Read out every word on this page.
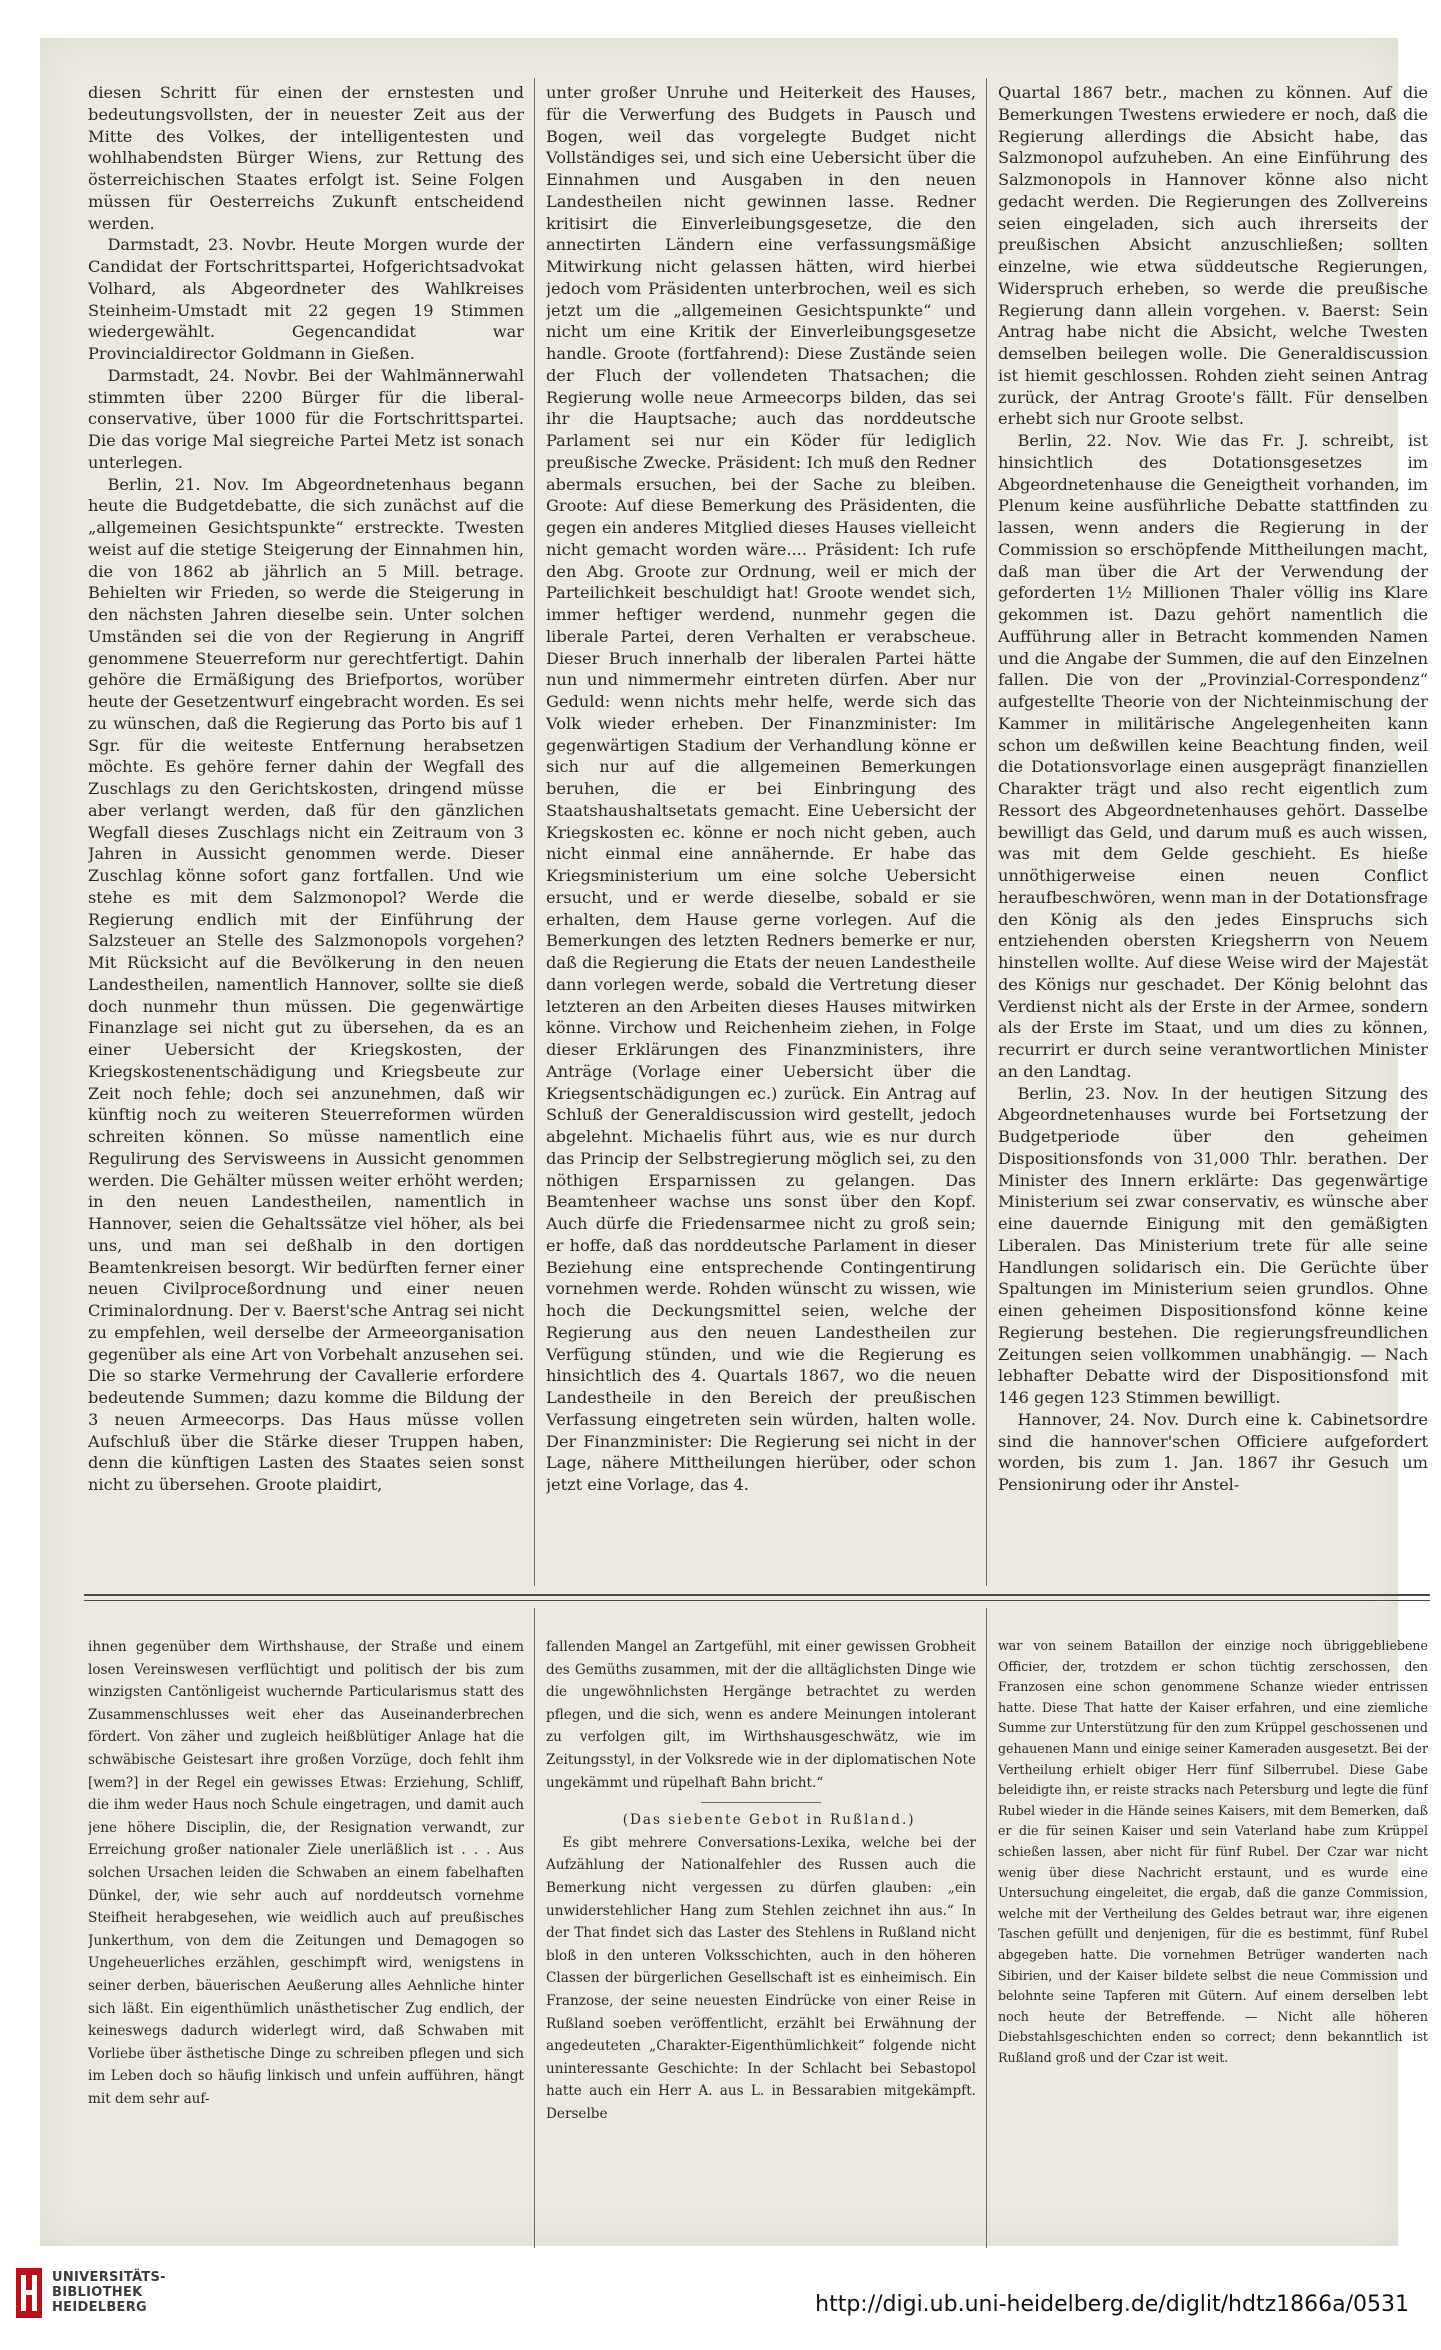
diesen Schritt für einen der ernstesten und bedeutungsvollsten, der in neuester Zeit aus der Mitte des Volkes, der intelligentesten und wohlhabendsten Bürger Wiens, zur Rettung des österreichischen Staates erfolgt ist. Seine Folgen müssen für Oesterreichs Zukunft entscheidend werden.

Darmstadt, 23. Novbr. Heute Morgen wurde der Candidat der Fortschrittspartei, Hofgerichtsadvokat Volhard, als Abgeordneter des Wahlkreises Steinheim-Umstadt mit 22 gegen 19 Stimmen wiedergewählt. Gegencandidat war Provincialdirector Goldmann in Gießen.

Darmstadt, 24. Novbr. Bei der Wahlmännerwahl stimmten über 2200 Bürger für die liberal-conservative, über 1000 für die Fortschrittspartei. Die das vorige Mal siegreiche Partei Metz ist sonach unterlegen.

Berlin, 21. Nov. Im Abgeordnetenhaus begann heute die Budgetdebatte, die sich zunächst auf die „allgemeinen Gesichtspunkte“ erstreckte. Twesten weist auf die stetige Steigerung der Einnahmen hin, die von 1862 ab jährlich an 5 Mill. betrage. Behielten wir Frieden, so werde die Steigerung in den nächsten Jahren dieselbe sein. Unter solchen Umständen sei die von der Regierung in Angriff genommene Steuerreform nur gerechtfertigt. Dahin gehöre die Ermäßigung des Briefportos, worüber heute der Gesetzentwurf eingebracht worden. Es sei zu wünschen, daß die Regierung das Porto bis auf 1 Sgr. für die weiteste Entfernung herabsetzen möchte. Es gehöre ferner dahin der Wegfall des Zuschlags zu den Gerichtskosten, dringend müsse aber verlangt werden, daß für den gänzlichen Wegfall dieses Zuschlags nicht ein Zeitraum von 3 Jahren in Aussicht genommen werde. Dieser Zuschlag könne sofort ganz fortfallen. Und wie stehe es mit dem Salzmonopol? Werde die Regierung endlich mit der Einführung der Salzsteuer an Stelle des Salzmonopols vorgehen? Mit Rücksicht auf die Bevölkerung in den neuen Landestheilen, namentlich Hannover, sollte sie dieß doch nunmehr thun müssen. Die gegenwärtige Finanzlage sei nicht gut zu übersehen, da es an einer Uebersicht der Kriegskosten, der Kriegskostenentschädigung und Kriegsbeute zur Zeit noch fehle; doch sei anzunehmen, daß wir künftig noch zu weiteren Steuerreformen würden schreiten können. So müsse namentlich eine Regulirung des Servisweens in Aussicht genommen werden. Die Gehälter müssen weiter erhöht werden; in den neuen Landestheilen, namentlich in Hannover, seien die Gehaltssätze viel höher, als bei uns, und man sei deßhalb in den dortigen Beamtenkreisen besorgt. Wir bedürften ferner einer neuen Civilproceßordnung und einer neuen Criminalordnung. Der v. Baerst'sche Antrag sei nicht zu empfehlen, weil derselbe der Armeeorganisation gegenüber als eine Art von Vorbehalt anzusehen sei. Die so starke Vermehrung der Cavallerie erfordere bedeutende Summen; dazu komme die Bildung der 3 neuen Armeecorps. Das Haus müsse vollen Aufschluß über die Stärke dieser Truppen haben, denn die künftigen Lasten des Staates seien sonst nicht zu übersehen. Groote plaidirt,

unter großer Unruhe und Heiterkeit des Hauses, für die Verwerfung des Budgets in Pausch und Bogen, weil das vorgelegte Budget nicht Vollständiges sei, und sich eine Uebersicht über die Einnahmen und Ausgaben in den neuen Landestheilen nicht gewinnen lasse. Redner kritisirt die Einverleibungsgesetze, die den annectirten Ländern eine verfassungsmäßige Mitwirkung nicht gelassen hätten, wird hierbei jedoch vom Präsidenten unterbrochen, weil es sich jetzt um die „allgemeinen Gesichtspunkte“ und nicht um eine Kritik der Einverleibungsgesetze handle. Groote (fortfahrend): Diese Zustände seien der Fluch der vollendeten Thatsachen; die Regierung wolle neue Armeecorps bilden, das sei ihr die Hauptsache; auch das norddeutsche Parlament sei nur ein Köder für lediglich preußische Zwecke. Präsident: Ich muß den Redner abermals ersuchen, bei der Sache zu bleiben. Groote: Auf diese Bemerkung des Präsidenten, die gegen ein anderes Mitglied dieses Hauses vielleicht nicht gemacht worden wäre.... Präsident: Ich rufe den Abg. Groote zur Ordnung, weil er mich der Parteilichkeit beschuldigt hat! Groote wendet sich, immer heftiger werdend, nunmehr gegen die liberale Partei, deren Verhalten er verabscheue. Dieser Bruch innerhalb der liberalen Partei hätte nun und nimmermehr eintreten dürfen. Aber nur Geduld: wenn nichts mehr helfe, werde sich das Volk wieder erheben. Der Finanzminister: Im gegenwärtigen Stadium der Verhandlung könne er sich nur auf die allgemeinen Bemerkungen beruhen, die er bei Einbringung des Staatshaushaltsetats gemacht. Eine Uebersicht der Kriegskosten ec. könne er noch nicht geben, auch nicht einmal eine annähernde. Er habe das Kriegsministerium um eine solche Uebersicht ersucht, und er werde dieselbe, sobald er sie erhalten, dem Hause gerne vorlegen. Auf die Bemerkungen des letzten Redners bemerke er nur, daß die Regierung die Etats der neuen Landestheile dann vorlegen werde, sobald die Vertretung dieser letzteren an den Arbeiten dieses Hauses mitwirken könne. Virchow und Reichenheim ziehen, in Folge dieser Erklärungen des Finanzministers, ihre Anträge (Vorlage einer Uebersicht über die Kriegsentschädigungen ec.) zurück. Ein Antrag auf Schluß der Generaldiscussion wird gestellt, jedoch abgelehnt. Michaelis führt aus, wie es nur durch das Princip der Selbstregierung möglich sei, zu den nöthigen Ersparnissen zu gelangen. Das Beamtenheer wachse uns sonst über den Kopf. Auch dürfe die Friedensarmee nicht zu groß sein; er hoffe, daß das norddeutsche Parlament in dieser Beziehung eine entsprechende Contingentirung vornehmen werde. Rohden wünscht zu wissen, wie hoch die Deckungsmittel seien, welche der Regierung aus den neuen Landestheilen zur Verfügung stünden, und wie die Regierung es hinsichtlich des 4. Quartals 1867, wo die neuen Landestheile in den Bereich der preußischen Verfassung eingetreten sein würden, halten wolle. Der Finanzminister: Die Regierung sei nicht in der Lage, nähere Mittheilungen hierüber, oder schon jetzt eine Vorlage, das 4.

Quartal 1867 betr., machen zu können. Auf die Bemerkungen Twestens erwiedere er noch, daß die Regierung allerdings die Absicht habe, das Salzmonopol aufzuheben. An eine Einführung des Salzmonopols in Hannover könne also nicht gedacht werden. Die Regierungen des Zollvereins seien eingeladen, sich auch ihrerseits der preußischen Absicht anzuschließen; sollten einzelne, wie etwa süddeutsche Regierungen, Widerspruch erheben, so werde die preußische Regierung dann allein vorgehen. v. Baerst: Sein Antrag habe nicht die Absicht, welche Twesten demselben beilegen wolle. Die Generaldiscussion ist hiemit geschlossen. Rohden zieht seinen Antrag zurück, der Antrag Groote's fällt. Für denselben erhebt sich nur Groote selbst.

Berlin, 22. Nov. Wie das Fr. J. schreibt, ist hinsichtlich des Dotationsgesetzes im Abgeordnetenhause die Geneigtheit vorhanden, im Plenum keine ausführliche Debatte stattfinden zu lassen, wenn anders die Regierung in der Commission so erschöpfende Mittheilungen macht, daß man über die Art der Verwendung der geforderten 1½ Millionen Thaler völlig ins Klare gekommen ist. Dazu gehört namentlich die Aufführung aller in Betracht kommenden Namen und die Angabe der Summen, die auf den Einzelnen fallen. Die von der „Provinzial-Correspondenz“ aufgestellte Theorie von der Nichteinmischung der Kammer in militärische Angelegenheiten kann schon um deßwillen keine Beachtung finden, weil die Dotationsvorlage einen ausgeprägt finanziellen Charakter trägt und also recht eigentlich zum Ressort des Abgeordnetenhauses gehört. Dasselbe bewilligt das Geld, und darum muß es auch wissen, was mit dem Gelde geschieht. Es hieße unnöthigerweise einen neuen Conflict heraufbeschwören, wenn man in der Dotationsfrage den König als den jedes Einspruchs sich entziehenden obersten Kriegsherrn von Neuem hinstellen wollte. Auf diese Weise wird der Majestät des Königs nur geschadet. Der König belohnt das Verdienst nicht als der Erste in der Armee, sondern als der Erste im Staat, und um dies zu können, recurrirt er durch seine verantwortlichen Minister an den Landtag.

Berlin, 23. Nov. In der heutigen Sitzung des Abgeordnetenhauses wurde bei Fortsetzung der Budgetperiode über den geheimen Dispositionsfonds von 31,000 Thlr. berathen. Der Minister des Innern erklärte: Das gegenwärtige Ministerium sei zwar conservativ, es wünsche aber eine dauernde Einigung mit den gemäßigten Liberalen. Das Ministerium trete für alle seine Handlungen solidarisch ein. Die Gerüchte über Spaltungen im Ministerium seien grundlos. Ohne einen geheimen Dispositionsfond könne keine Regierung bestehen. Die regierungsfreundlichen Zeitungen seien vollkommen unabhängig. — Nach lebhafter Debatte wird der Dispositionsfond mit 146 gegen 123 Stimmen bewilligt.

Hannover, 24. Nov. Durch eine k. Cabinetsordre sind die hannover'schen Officiere aufgefordert worden, bis zum 1. Jan. 1867 ihr Gesuch um Pensionirung oder ihr Anstel-

ihnen gegenüber dem Wirthshause, der Straße und einem losen Vereinswesen verflüchtigt und politisch der bis zum winzigsten Cantönligeist wuchernde Particularismus statt des Zusammenschlusses weit eher das Auseinanderbrechen fördert. Von zäher und zugleich heißblütiger Anlage hat die schwäbische Geistesart ihre großen Vorzüge, doch fehlt ihm [wem?] in der Regel ein gewisses Etwas: Erziehung, Schliff, die ihm weder Haus noch Schule eingetragen, und damit auch jene höhere Disciplin, die, der Resignation verwandt, zur Erreichung großer nationaler Ziele unerläßlich ist . . . Aus solchen Ursachen leiden die Schwaben an einem fabelhaften Dünkel, der, wie sehr auch auf norddeutsch vornehme Steifheit herabgesehen, wie weidlich auch auf preußisches Junkerthum, von dem die Zeitungen und Demagogen so Ungeheuerliches erzählen, geschimpft wird, wenigstens in seiner derben, bäuerischen Aeußerung alles Aehnliche hinter sich läßt. Ein eigenthümlich unästhetischer Zug endlich, der keineswegs dadurch widerlegt wird, daß Schwaben mit Vorliebe über ästhetische Dinge zu schreiben pflegen und sich im Leben doch so häufig linkisch und unfein aufführen, hängt mit dem sehr auf-

fallenden Mangel an Zartgefühl, mit einer gewissen Grobheit des Gemüths zusammen, mit der die alltäglichsten Dinge wie die ungewöhnlichsten Hergänge betrachtet zu werden pflegen, und die sich, wenn es andere Meinungen intolerant zu verfolgen gilt, im Wirthshausgeschwätz, wie im Zeitungsstyl, in der Volksrede wie in der diplomatischen Note ungekämmt und rüpelhaft Bahn bricht.“

(Das siebente Gebot in Rußland.)

Es gibt mehrere Conversations-Lexika, welche bei der Aufzählung der Nationalfehler des Russen auch die Bemerkung nicht vergessen zu dürfen glauben: „ein unwiderstehlicher Hang zum Stehlen zeichnet ihn aus.“ In der That findet sich das Laster des Stehlens in Rußland nicht bloß in den unteren Volksschichten, auch in den höheren Classen der bürgerlichen Gesellschaft ist es einheimisch. Ein Franzose, der seine neuesten Eindrücke von einer Reise in Rußland soeben veröffentlicht, erzählt bei Erwähnung der angedeuteten „Charakter-Eigenthümlichkeit“ folgende nicht uninteressante Geschichte: In der Schlacht bei Sebastopol hatte auch ein Herr A. aus L. in Bessarabien mitgekämpft. Derselbe

war von seinem Bataillon der einzige noch übriggebliebene Officier, der, trotzdem er schon tüchtig zerschossen, den Franzosen eine schon genommene Schanze wieder entrissen hatte. Diese That hatte der Kaiser erfahren, und eine ziemliche Summe zur Unterstützung für den zum Krüppel geschossenen und gehauenen Mann und einige seiner Kameraden ausgesetzt. Bei der Vertheilung erhielt obiger Herr fünf Silberrubel. Diese Gabe beleidigte ihn, er reiste stracks nach Petersburg und legte die fünf Rubel wieder in die Hände seines Kaisers, mit dem Bemerken, daß er die für seinen Kaiser und sein Vaterland habe zum Krüppel schießen lassen, aber nicht für fünf Rubel. Der Czar war nicht wenig über diese Nachricht erstaunt, und es wurde eine Untersuchung eingeleitet, die ergab, daß die ganze Commission, welche mit der Vertheilung des Geldes betraut war, ihre eigenen Taschen gefüllt und denjenigen, für die es bestimmt, fünf Rubel abgegeben hatte. Die vornehmen Betrüger wanderten nach Sibirien, und der Kaiser bildete selbst die neue Commission und belohnte seine Tapferen mit Gütern. Auf einem derselben lebt noch heute der Betreffende. — Nicht alle höheren Diebstahlsgeschichten enden so correct; denn bekanntlich ist Rußland groß und der Czar ist weit.

UNIVERSITÄTS-
BIBLIOTHEK
HEIDELBERG	http://digi.ub.uni-heidelberg.de/diglit/hdtz1866a/0531
